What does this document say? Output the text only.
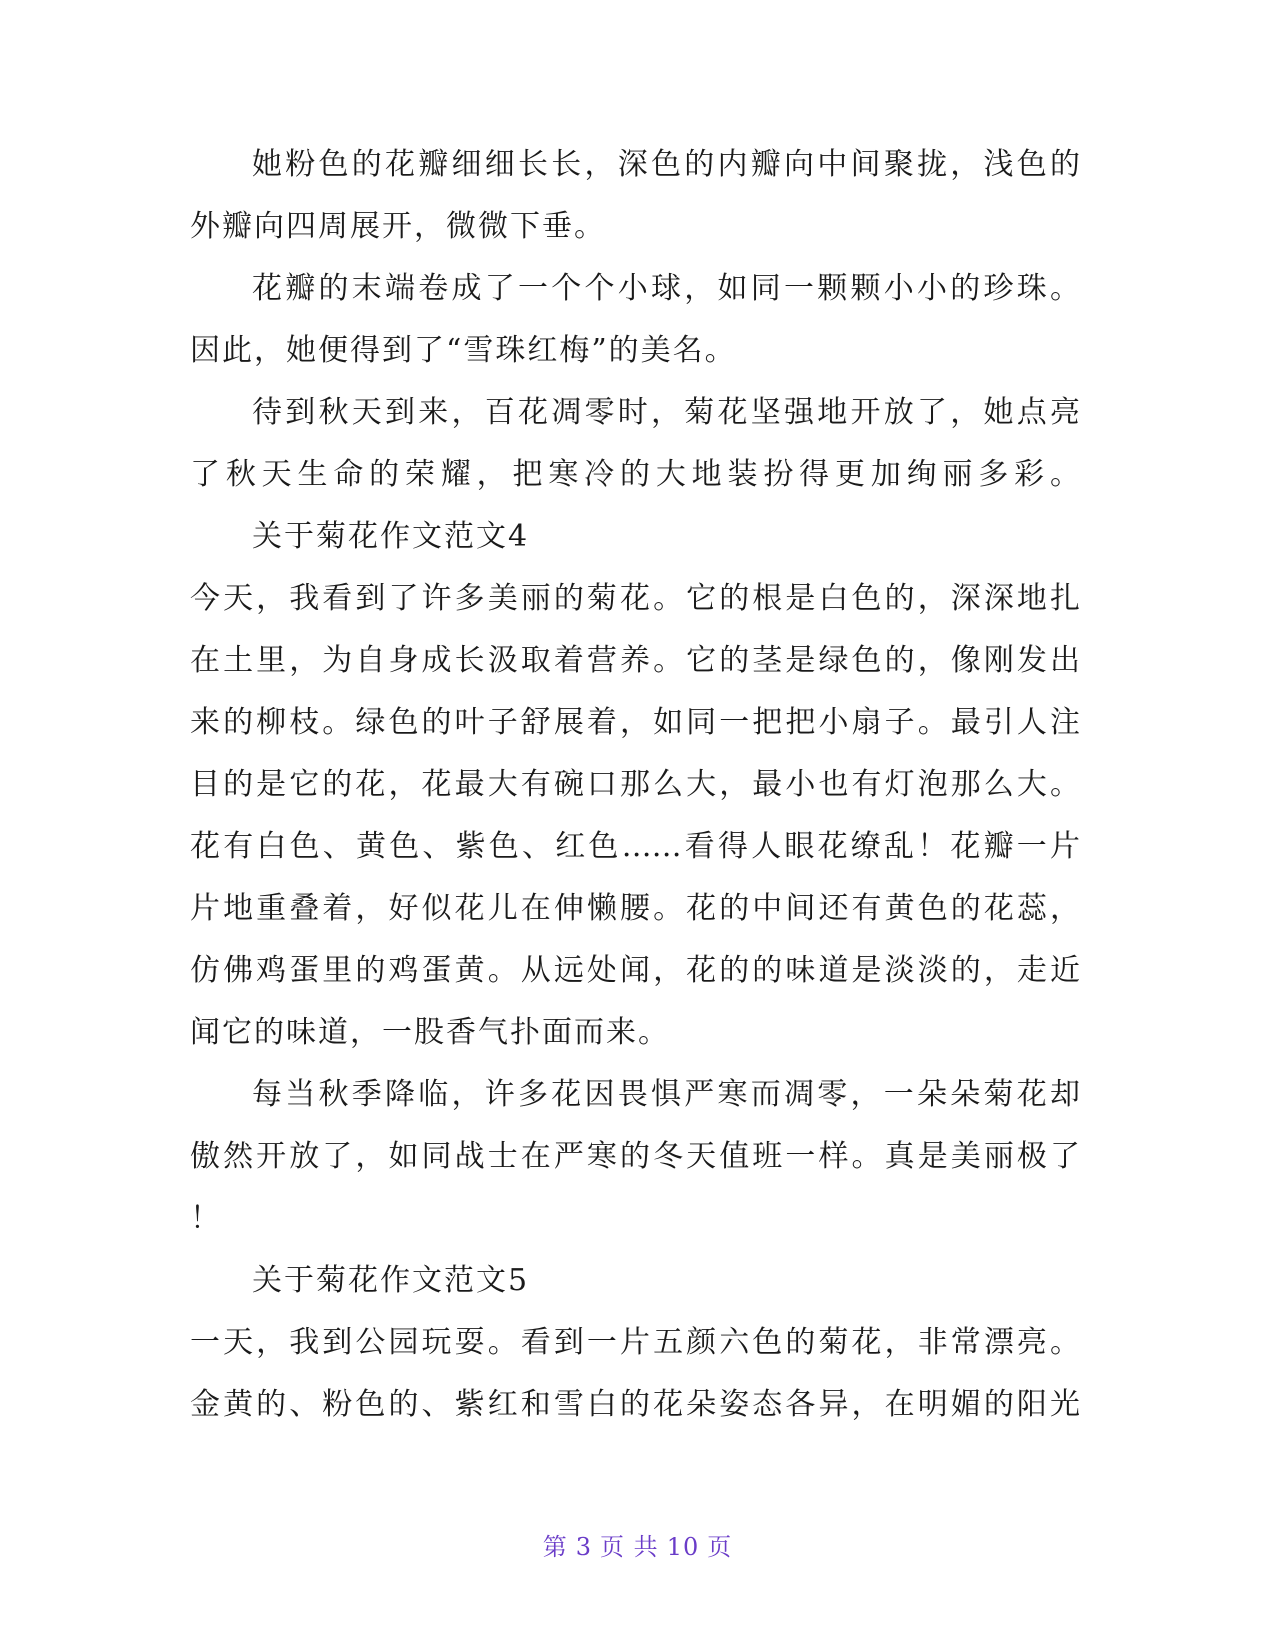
她粉色的花瓣细细长长，深色的内瓣向中间聚拢，浅色的
外瓣向四周展开，微微下垂。
花瓣的末端卷成了一个个小球，如同一颗颗小小的珍珠。
因此，她便得到了“雪珠红梅”的美名。
待到秋天到来，百花凋零时，菊花坚强地开放了，她点亮
了秋天生命的荣耀，把寒冷的大地装扮得更加绚丽多彩。
关于菊花作文范文4
今天，我看到了许多美丽的菊花。它的根是白色的，深深地扎
在土里，为自身成长汲取着营养。它的茎是绿色的，像刚发出
来的柳枝。绿色的叶子舒展着，如同一把把小扇子。最引人注
目的是它的花，花最大有碗口那么大，最小也有灯泡那么大。
花有白色、黄色、紫色、红色……看得人眼花缭乱！花瓣一片
片地重叠着，好似花儿在伸懒腰。花的中间还有黄色的花蕊，
仿佛鸡蛋里的鸡蛋黄。从远处闻，花的的味道是淡淡的，走近
闻它的味道，一股香气扑面而来。
每当秋季降临，许多花因畏惧严寒而凋零，一朵朵菊花却
傲然开放了，如同战士在严寒的冬天值班一样。真是美丽极了
！
关于菊花作文范文5
一天，我到公园玩耍。看到一片五颜六色的菊花，非常漂亮。
金黄的、粉色的、紫红和雪白的花朵姿态各异，在明媚的阳光
第 3 页 共 10 页
